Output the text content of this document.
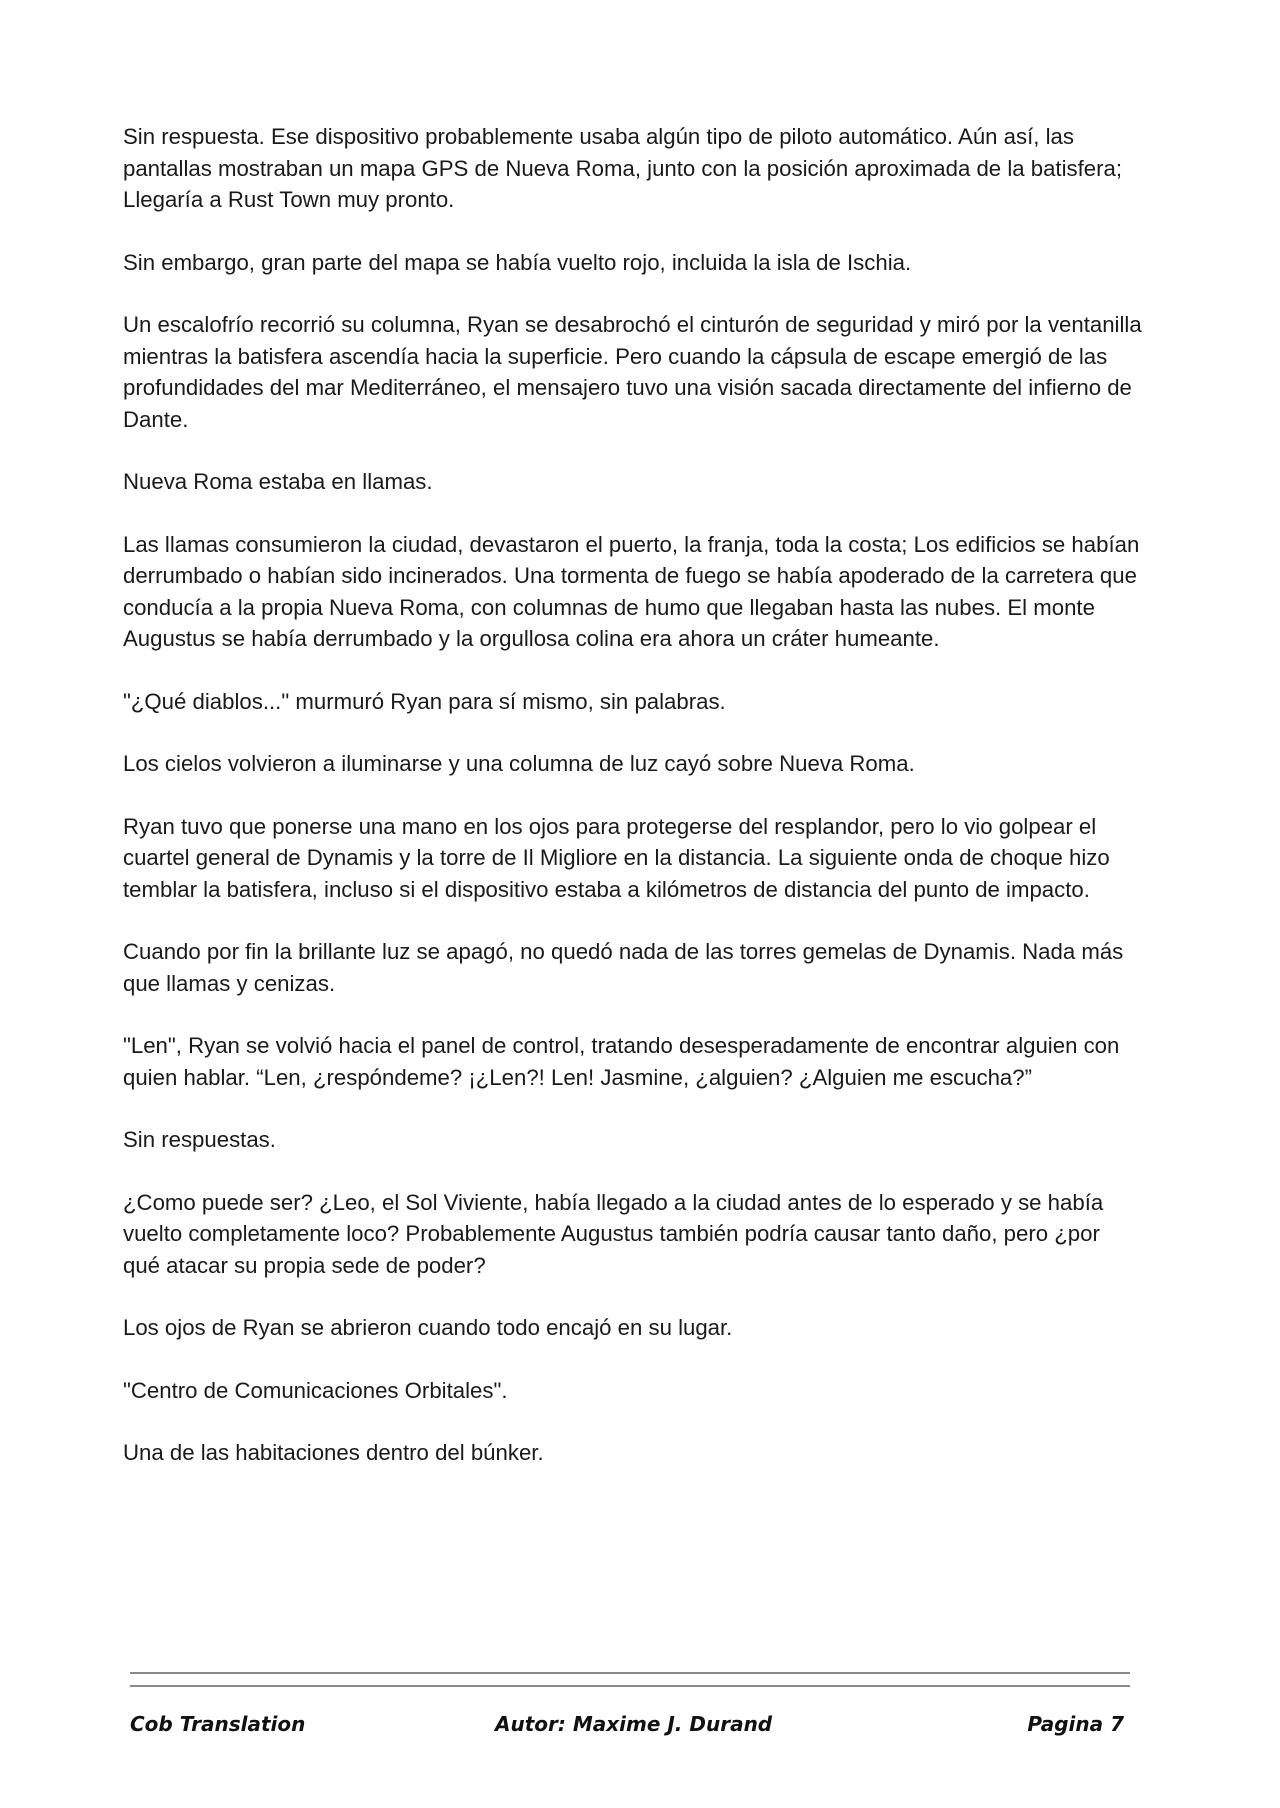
Sin respuesta. Ese dispositivo probablemente usaba algún tipo de piloto automático. Aún así, las pantallas mostraban un mapa GPS de Nueva Roma, junto con la posición aproximada de la batisfera; Llegaría a Rust Town muy pronto.

Sin embargo, gran parte del mapa se había vuelto rojo, incluida la isla de Ischia.

Un escalofrío recorrió su columna, Ryan se desabrochó el cinturón de seguridad y miró por la ventanilla mientras la batisfera ascendía hacia la superficie. Pero cuando la cápsula de escape emergió de las profundidades del mar Mediterráneo, el mensajero tuvo una visión sacada directamente del infierno de Dante.

Nueva Roma estaba en llamas.

Las llamas consumieron la ciudad, devastaron el puerto, la franja, toda la costa; Los edificios se habían derrumbado o habían sido incinerados. Una tormenta de fuego se había apoderado de la carretera que conducía a la propia Nueva Roma, con columnas de humo que llegaban hasta las nubes. El monte Augustus se había derrumbado y la orgullosa colina era ahora un cráter humeante.

"¿Qué diablos..." murmuró Ryan para sí mismo, sin palabras.

Los cielos volvieron a iluminarse y una columna de luz cayó sobre Nueva Roma.

Ryan tuvo que ponerse una mano en los ojos para protegerse del resplandor, pero lo vio golpear el cuartel general de Dynamis y la torre de Il Migliore en la distancia. La siguiente onda de choque hizo temblar la batisfera, incluso si el dispositivo estaba a kilómetros de distancia del punto de impacto.

Cuando por fin la brillante luz se apagó, no quedó nada de las torres gemelas de Dynamis. Nada más que llamas y cenizas.

"Len", Ryan se volvió hacia el panel de control, tratando desesperadamente de encontrar alguien con quien hablar. “Len, ¿respóndeme? ¡¿Len?! Len! Jasmine, ¿alguien? ¿Alguien me escucha?”

Sin respuestas.

¿Como puede ser? ¿Leo, el Sol Viviente, había llegado a la ciudad antes de lo esperado y se había vuelto completamente loco? Probablemente Augustus también podría causar tanto daño, pero ¿por qué atacar su propia sede de poder?

Los ojos de Ryan se abrieron cuando todo encajó en su lugar.

"Centro de Comunicaciones Orbitales".

Una de las habitaciones dentro del búnker.

Cob Translation	Autor: Maxime J. Durand	Pagina 7
